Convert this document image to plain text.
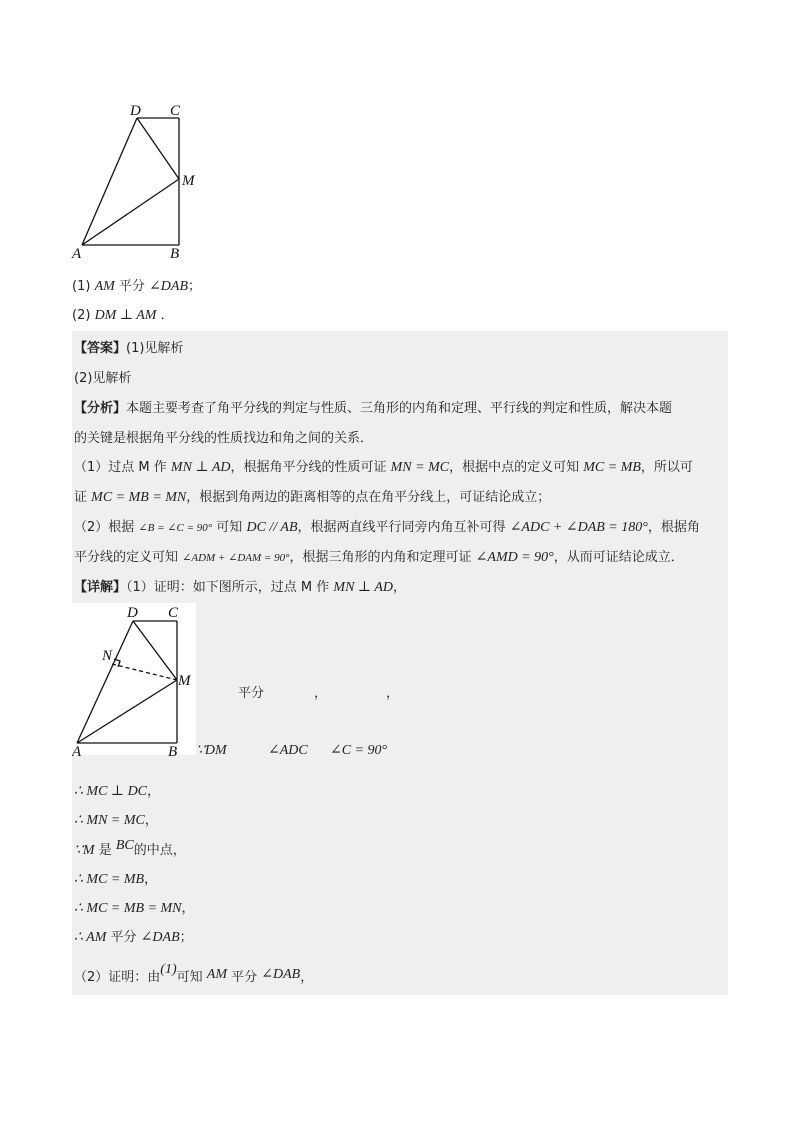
D C
M
A	B
(1) AM 平分 ∠DAB；
(2) DM ⊥ AM ．
【答案】(1)见解析
(2)见解析
【分析】本题主要考查了角平分线的判定与性质、三角形的内角和定理、平行线的判定和性质，解决本题
的关键是根据角平分线的性质找边和角之间的关系．
（1）过点 M 作 MN ⊥ AD，根据角平分线的性质可证 MN = MC，根据中点的定义可知 MC = MB，所以可
证 MC = MB = MN，根据到角两边的距离相等的点在角平分线上，可证结论成立；
（2）根据 ∠B = ∠C = 90° 可知 DC // AB，根据两直线平行同旁内角互补可得 ∠ADC + ∠DAB = 180°，根据角
平分线的定义可知 ∠ADM + ∠DAM = 90°，根据三角形的内角和定理可证 ∠AMD = 90°，从而可证结论成立．
【详解】（1）证明：如下图所示，过点 M 作 MN ⊥ AD，
D C
N
M
A	B
平分	，	，
∵DM	∠ADC ∠C = 90°
∴ MC ⊥ DC，
∴ MN = MC，
∵M 是 BC的中点，
∴ MC = MB，
∴ MC = MB = MN，
∴ AM 平分 ∠DAB；
（2）证明：由(1)可知 AM 平分 ∠DAB，
